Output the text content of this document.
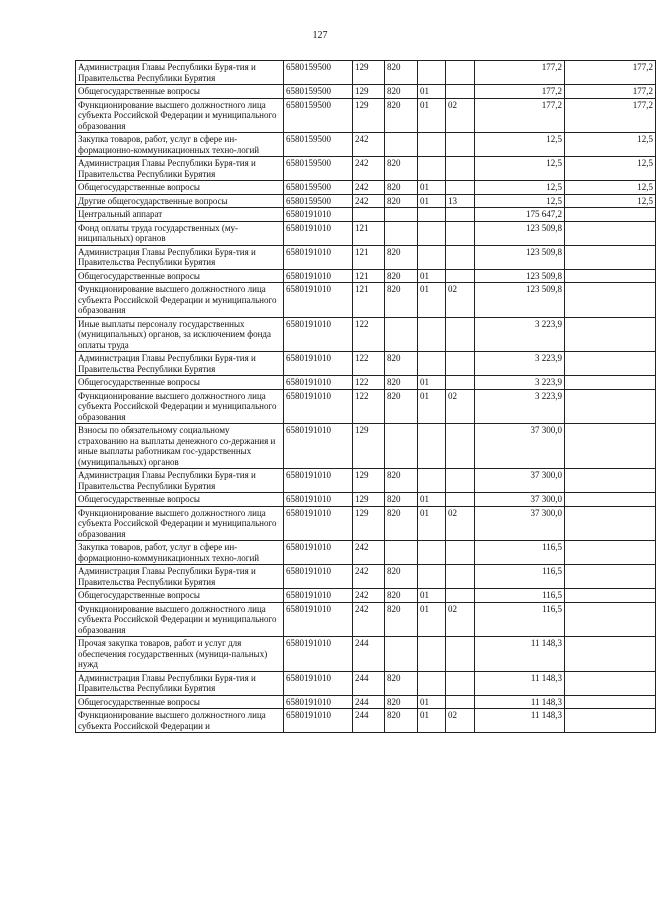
127
Администрация Главы Республики Буря-тия и Правительства Республики Бурятия	6580159500	129	820			177,2	177,2
Общегосударственные вопросы	6580159500	129	820	01		177,2	177,2
Функционирование высшего должностного лица субъекта Российской Федерации и муниципального образования	6580159500	129	820	01	02	177,2	177,2
Закупка товаров, работ, услуг в сфере ин-формационно-коммуникационных техно-логий	6580159500	242				12,5	12,5
Администрация Главы Республики Буря-тия и Правительства Республики Бурятия	6580159500	242	820			12,5	12,5
Общегосударственные вопросы	6580159500	242	820	01		12,5	12,5
Другие общегосударственные вопросы	6580159500	242	820	01	13	12,5	12,5
Центральный аппарат	6580191010					175 647,2	
Фонд оплаты труда государственных (му-ниципальных) органов	6580191010	121				123 509,8	
Администрация Главы Республики Буря-тия и Правительства Республики Бурятия	6580191010	121	820			123 509,8	
Общегосударственные вопросы	6580191010	121	820	01		123 509,8	
Функционирование высшего должностного лица субъекта Российской Федерации и муниципального образования	6580191010	121	820	01	02	123 509,8	
Иные выплаты персоналу государственных (муниципальных) органов, за исключением фонда оплаты труда	6580191010	122				3 223,9	
Администрация Главы Республики Буря-тия и Правительства Республики Бурятия	6580191010	122	820			3 223,9	
Общегосударственные вопросы	6580191010	122	820	01		3 223,9	
Функционирование высшего должностного лица субъекта Российской Федерации и муниципального образования	6580191010	122	820	01	02	3 223,9	
Взносы по обязательному социальному страхованию на выплаты денежного со-держания и иные выплаты работникам гос-ударственных (муниципальных) органов	6580191010	129				37 300,0	
Администрация Главы Республики Буря-тия и Правительства Республики Бурятия	6580191010	129	820			37 300,0	
Общегосударственные вопросы	6580191010	129	820	01		37 300,0	
Функционирование высшего должностного лица субъекта Российской Федерации и муниципального образования	6580191010	129	820	01	02	37 300,0	
Закупка товаров, работ, услуг в сфере ин-формационно-коммуникационных техно-логий	6580191010	242				116,5	
Администрация Главы Республики Буря-тия и Правительства Республики Бурятия	6580191010	242	820			116,5	
Общегосударственные вопросы	6580191010	242	820	01		116,5	
Функционирование высшего должностного лица субъекта Российской Федерации и муниципального образования	6580191010	242	820	01	02	116,5	
Прочая закупка товаров, работ и услуг для обеспечения государственных (муници-пальных) нужд	6580191010	244				11 148,3	
Администрация Главы Республики Буря-тия и Правительства Республики Бурятия	6580191010	244	820			11 148,3	
Общегосударственные вопросы	6580191010	244	820	01		11 148,3	
Функционирование высшего должностного лица субъекта Российской Федерации и	6580191010	244	820	01	02	11 148,3	
